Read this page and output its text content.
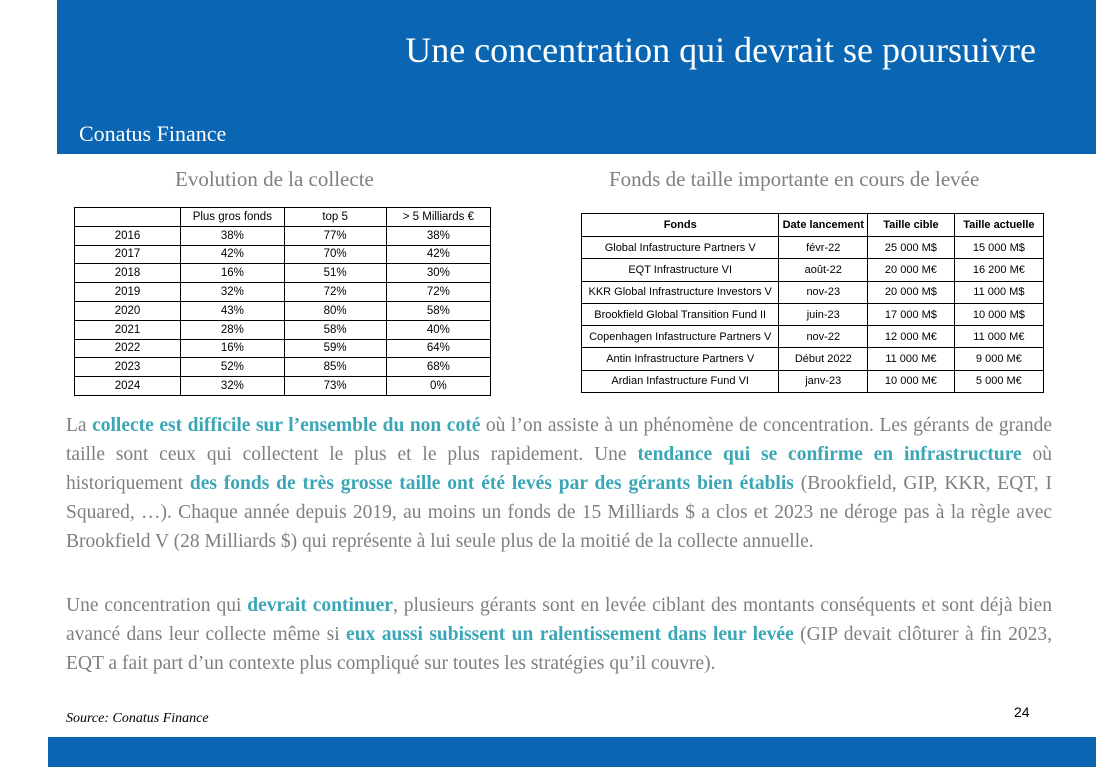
Une concentration qui devrait se poursuivre
Conatus Finance
Evolution de la collecte	Fonds de taille importante en cours de levée
	Plus gros fonds	top 5	> 5 Milliards €
2016	38%	77%	38%
2017	42%	70%	42%
2018	16%	51%	30%
2019	32%	72%	72%
2020	43%	80%	58%
2021	28%	58%	40%
2022	16%	59%	64%
2023	52%	85%	68%
2024	32%	73%	0%
Fonds	Date lancement	Taille cible	Taille actuelle
Global Infastructure Partners V	févr-22	25 000 M$	15 000 M$
EQT Infrastructure VI	août-22	20 000 M€	16 200 M€
KKR Global Infrastructure Investors V	nov-23	20 000 M$	11 000 M$
Brookfield Global Transition Fund II	juin-23	17 000 M$	10 000 M$
Copenhagen Infastructure Partners V	nov-22	12 000 M€	11 000 M€
Antin Infrastructure Partners V	Début 2022	11 000 M€	9 000 M€
Ardian Infastructure Fund VI	janv-23	10 000 M€	5 000 M€
La collecte est difficile sur l’ensemble du non coté où l’on assiste à un phénomène de concentration. Les gérants de grande taille sont ceux qui collectent le plus et le plus rapidement. Une tendance qui se confirme en infrastructure où historiquement des fonds de très grosse taille ont été levés par des gérants bien établis (Brookfield, GIP, KKR, EQT, I Squared, …). Chaque année depuis 2019, au moins un fonds de 15 Milliards $ a clos et 2023 ne déroge pas à la règle avec Brookfield V (28 Milliards $) qui représente à lui seule plus de la moitié de la collecte annuelle.
Une concentration qui devrait continuer, plusieurs gérants sont en levée ciblant des montants conséquents et sont déjà bien avancé dans leur collecte même si eux aussi subissent un ralentissement dans leur levée (GIP devait clôturer à fin 2023, EQT a fait part d’un contexte plus compliqué sur toutes les stratégies qu’il couvre).
Source: Conatus Finance	24
